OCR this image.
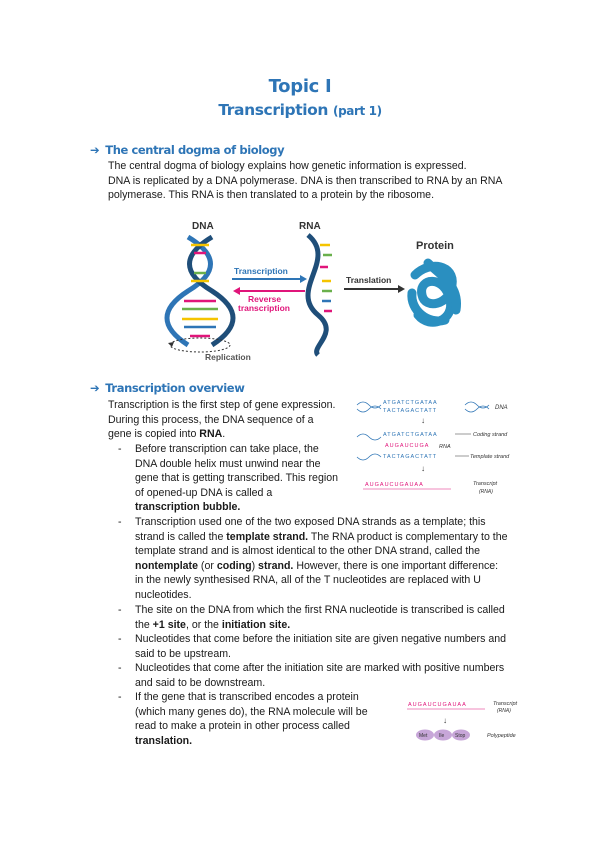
Topic I
Transcription (part 1)
➔ The central dogma of biology
The central dogma of biology explains how genetic information is expressed.
DNA is replicated by a DNA polymerase. DNA is then transcribed to RNA by an RNA
polymerase. This RNA is then translated to a protein by the ribosome.
DNA	RNA
Protein
Replication
Transcription
Reverse
transcription
Translation
➔ Transcription overview
Transcription is the first step of gene expression.
During this process, the DNA sequence of a
gene is copied into RNA.
- Before transcription can take place, the
DNA double helix must unwind near the
gene that is getting transcribed. This region
of opened-up DNA is called a
transcription bubble.
- Transcription used one of the two exposed DNA strands as a template; this
strand is called the template strand. The RNA product is complementary to the
template strand and is almost identical to the other DNA strand, called the
nontemplate (or coding) strand. However, there is one important difference:
in the newly synthesised RNA, all of the T nucleotides are replaced with U
nucleotides.
- The site on the DNA from which the first RNA nucleotide is transcribed is called
the +1 site, or the initiation site.
- Nucleotides that come before the initiation site are given negative numbers and
said to be upstream.
- Nucleotides that come after the initiation site are marked with positive numbers
and said to be downstream.
- If the gene that is transcribed encodes a protein
(which many genes do), the RNA molecule will be
read to make a protein in other process called
translation.
ATGATCTGATAA
TACTAGACTATT	DNA
↓
ATGATCTGATAA	Coding strand
AUGAUCUGA RNA
TACTAGACTATT	Template strand
↓
AUGAUCUGAUAA	Transcript
(RNA)
AUGAUCUGAUAA	Transcript
(RNA)
↓
Met Ile Stop	Polypeptide
